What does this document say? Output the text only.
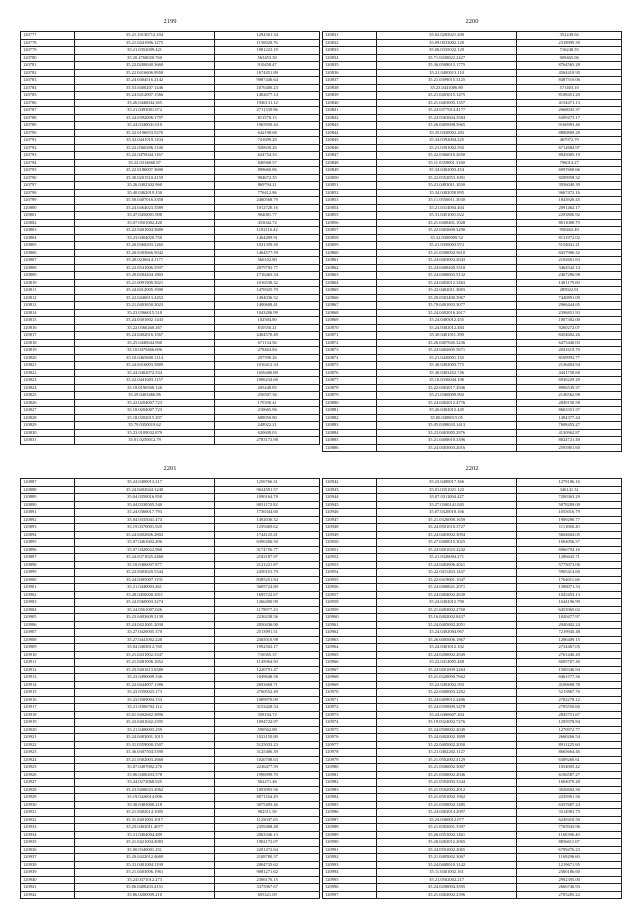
2199
120777	35.21.10136712.104	1294561.34
120778	35.21.0441986.1275	1156920.76
120779	35.21.0352009.421	1981223.19
120780	35.20.4768020.760	563453.30
120781	35.22.0200040.3660	910458.47
120782	35.22.0416606.9950	1674451.89
120783	35.24.0404516.2142	9087446.64
120784	35.53.0400207.1446	1076400.23
120785	35.24.0412007.1566	1402677.14
120786	35.26.0446044.365	1946131.12
120787	35.21.0493001.072	2711339.96
120788	35.24.0392006.1797	811578.13
120789	35.24.0340041.010	1965950.44
120790	35.32.0196053.5370	642198.68
120791	35.32.0441019.1104	741699.20
120792	35.22.0360206.1140	920630.26
120793	35.22.0470044.1167	624754.33
120794	35.22.0314660.87	840568.57
120795	35.22.0186007.3690	898660.86
120796	35.30.0201510.4159	904672.35
120797	35.26.0402302.960	869794.21
120798	35.40.0462019.150	776412.86
120799	35.50.0407016.3358	2460568.79
120800	35.24.0464023.3589	1012720.16
120801	35.47.0450001.908	904081.77
120802	35.07.0501002.420	453042.72
120803	35.22.0401004.5680	1102116.42
120804	35.23.0404020.750	1464499.91
120805	35.20.0360203.1265	1021359.50
120806	35.20.0303666.5042	1464577.59
120807	35.20.0236614.1177	566102.80
120808	35.22.0541006.3597	2079792.77
120809	35.20.0284204.1803	1716463.34
120810	35.21.0091900.3021	1016538.32
120811	35.24.0412005.1900	1476925.70
120812	35.22.0446013.4452	1494036.52
120813	35.21.0403650.3023	1400608.41
120814	35.23.0366015.510	1043206.99
120815	35.24.0301002.1443	102504.80
120816	35.22.0360260.267	810550.21
120817	35.24.0402016.1567	2404570.49
120818	35.25.0440644.960	671134.56
120819	35.10.0470466.696	278464.84
120820	35.10.0465600.1114	297590.26
120821	35.24.0416003.5889	1016412.34
120822	35.24.0402072.534	1656406.80
120823	35.22.0441603.1157	1006234.60
120824	35.18.0196560.126	205440.85
120825	35.29.0403460.86	256507.36
120826	35.22.0204007.723	170350.41
120827	35.18.0204007.723	210665.96
120828	35.18.0202015.297	688050.80
120829	35.79.0350019.62	248922.21
120830	35.23.0109032.879	620600.03
120831	35.01.0250012.79	2783173.88
2200
120831	35.02.0205021.200	352249.02
120832	35.09.0033002.120	2318999.39
120833	35.06.0335022.129	716240.35
120834	35.71.0430022.2427	609465.06
120835	35.36.0508013.1775	8764565.28
120836	35.21.0400013.110	4564410.95
120837	35.21.0399015.3125	8487510.06
120838	35.23.0441006.80	571403.10
120839	35.21.0403015.1475	8108451.20
120840	35.21.0403005.1357	4154471.13
120841	35.24.0377014.4177	2668043.37
120842	35.24.0363604.3584	6309473.17
120843	35.26.0405008.5965	9160993.46
120844	35.35.0430002.283	8800809.28
120845	35.34.0392004.225	467072.79
120846	35.21.0301002.592	6712684.97
120847	35.22.0366010.2650	8045005.19
120848	35.11.0359001.3160	796014.27
120849	35.34.0402003.454	6997660.66
120850	35.22.0352053.1091	8299958.32
120851	35.21.0493011.1030	3936040.39
120852	35.34.0402050.895	9667472.16
120853	35.11.0550011.3030	1843920.45
120854	35.21.0314004.404	2091462.17
120855	35.31.0451001.022	2293806.92
120856	35.21.0400401.1028	8011080.79
120857	35.22.0403600.3290	950462.40
120858	35.32.0300009.52	8131972.02
120859	35.21.0350003.972	5154041.21
120860	35.21.0500002.5610	8437986.32
120861	35.24.0403002.2043	2102601.63
120862	35.24.0400400.3518	3464542.14
120863	35.24.0400003.5132	2467296.98
120864	35.24.0403012.3463	1401179.00
120865	35.22.0402011.3083	285922.91
120866	35.20.0303400.3967	7440891.09
120867	35.79.0401003.3077	2966444.65
120868	35.24.0402016.2617	2396831.93
120869	35.24.0405012.455	1007302.00
120870	35.24.0402012.484	9260272.07
120871	35.30.0401011.390	8454602.26
120872	35.26.0407045.3236	6475440.03
120873	35.24.0402605.5671	2041619.70
120874	35.21.0420001.155	8169992.77
120875	35.30.0402003.775	2136404.94
120876	35.30.0403452.746	4441758.68
120877	35.10.0336044.196	6936229.29
120878	35.22.0402017.2946	8906539.37
120879	35.21.0360009.992	2146562.98
120880	35.24.0402012.4776	2849150.58
120881	35.26.0402012.445	8663331.57
120882	35.00.0408015.05	1494377.44
120883	35.05.0398033.1413	7608455.27
120884	35.23.0403005.2976	4130962.87
120885	35.21.0400010.3396	8024721.40
120886	35.24.0403003.2016	2595801.60
2201
120887	35.24.0400013.217	1256766.31
120888	35.24.0402044.1240	9624591.57
120889	35.04.0350016.950	1090164.78
120890	35.04.0330505.540	8051172.82
120891	35.24.0360017.793	1736344.60
120892	35.04.0335041.474	1492036.32
120893	35.19.0370001.925	1259469.62
120894	35.24.0402606.2802	1744125.41
120895	35.07.0461602.496	6390266.50
120896	35.07.0420022.960	3174756.77
120897	35.24.0371025.2460	2182187.97
120898	35.10.0406007.877	2121221.87
120899	35.22.0403020.5344	2450101.79
120900	35.24.0305007.1191	8385251.84
120901	35.21.0440003.461	3605724.80
120902	35.28.0450020.2011	1695722.67
120903	35.24.0360003.3274	1266490.99
120904	35.24.0561007.026	1179977.23
120905	35.23.0403609.3139	2236238.56
120906	35.24.0421001.2030	2050436.90
120907	35.27.0420005.370	2513991.51
120908	35.27.0441002.220	2365010.98
120909	35.04.0403012.765	1992502.17
120910	35.21.0431002.3347	716565.37
120911	35.21.0481006.1652	1145964.50
120912	35.25.0401613.6580	1220791.47
120913	35.23.0490009.336	1049648.58
120914	35.22.0444007.1386	2693668.71
120915	35.23.0350023.173	2760552.49
120916	35.23.0309004.153	1089970.09
120917	35.21.0306702.112	3153428.54
120918	35.01.0402602.3896	358104.72
120919	35.23.0401042.2395	1094722.97
120920	35.21.0400003.259	590562.88
120921	35.24.0403001.1015	1023150.80
120922	35.31.0359000.1507	5125033.23
120923	35.36.0307504.5390	3125406.39
120924	35.21.0302003.2660	1020708.63
120925	35.07.0407002.270	2236477.59
120926	35.06.0400203.578	1996999.70
120927	35.24.0272068.925	562271.46
120928	35.23.0400023.2062	1093993.56
120929	35.19.0426014.006	8071164.29
120930	35.30.0405000.218	3075493.46
120931	35.21.0402014.1005	902511.58
120932	35.31.0401003.1017	1125047.65
120933	35.23.0403011.4077	2359408.48
120934	35.31.0404004.489	2063346.13
120935	35.21.0421004.4083	1902172.07
120936	35.00.0340001.251	2201472.64
120937	35.20.0422012.4669	2108700.37
120938	35.31.0401004.1190	2004735.62
120939	35.21.0403006.1961	9081271.62
120940	35.24.0371012.273	2306176.15
120941	35.06.0400203.4151	3375967.67
120942	35.86.0200009.210	695321.09
2202
120942	35.23.0400017.366	1279186.16
120943	35.01.0351021.122	346141.31
120944	35.07.0311004.427	7200363.29
120945	35.27.0300141.045	5078209.00
120946	35.07.0320018.166	1055016.79
120947	35.21.0326008.1659	1909290.77
120948	35.24.0501010.3727	1111060.20
120949	35.24.0403002.3094	5604604.05
120950	35.27.0400015.3025	1004056.57
120951	35.24.0401023.2242	6966794.16
120952	35.21.0326004.271	1286643.71
120953	35.24.0402006.2021	5775073.06
120954	35.22.0411203.1447	5905414.60
120955	35.22.0419001.1047	1764011.66
120956	35.24.0400021.2071	1390071.33
120957	35.24.0404002.2630	1045453.13
120958	35.24.0402012.790	1644196.99
120959	35.21.0403002.2760	6453965.02
120960	35.16.0402002.8437	1020477.97
120961	35.24.0405002.2051	2040402.24
120962	35.24.0402004.967	7219945.48
120963	35.26.0405006.1867	1206409.15
120964	35.24.0401012.102	2734467.05
120965	35.24.0200002.2049	2761446.49
120966	35.22.0414005.468	6005707.40
120967	35.24.0401009.2264	1500346.94
120968	35.21.0320000.7662	8461577.36
120969	35.22.0402002.503	4100608.78
120970	35.22.0400003.2262	5213867.76
120971	35.24.0409012.2406	2782278.12
120972	35.24.0350009.3478	2705550.60
120973	35.24.0460607.204	2845751.67
120974	35.19.0324002.7276	1295978.84
120975	35.24.0500002.2049	1270972.77
120976	35.24.0402002.1809	2660266.54
120977	35.22.0405002.2050	8911225.60
120978	35.21.0402202.1127	8665664.46
120979	35.21.0502002.4129	6309260.61
120980	35.21.0506002.3007	1054005.42
120981	35.21.0500002.2046	6106587.27
120982	35.21.0392003.3344	1604079.28
120983	35.21.0502002.2012	3026692.30
120984	35.21.0501002.1962	2235991.56
120985	35.21.0350002.1485	6337687.24
120986	35.24.0402014.2097	3314981.75
120987	35.24.0360012.077	6249410.50
120988	35.21.0303001.3397	7765943.96
120989	35.26.0351002.1461	1160306.40
120990	35.20.0402012.2065	8856611.07
120991	35.24.0501002.2065	6799476.23
120992	35.21.0405002.3067	1169296.60
120993	35.24.0400010.3142	1219671.95
120994	35.11.0401002.161	2360186.60
120995	35.21.0502002.217	2992395.00
120996	35.24.0200004.3595	2666746.93
120997	35.21.0402002.2396	2705285.22
